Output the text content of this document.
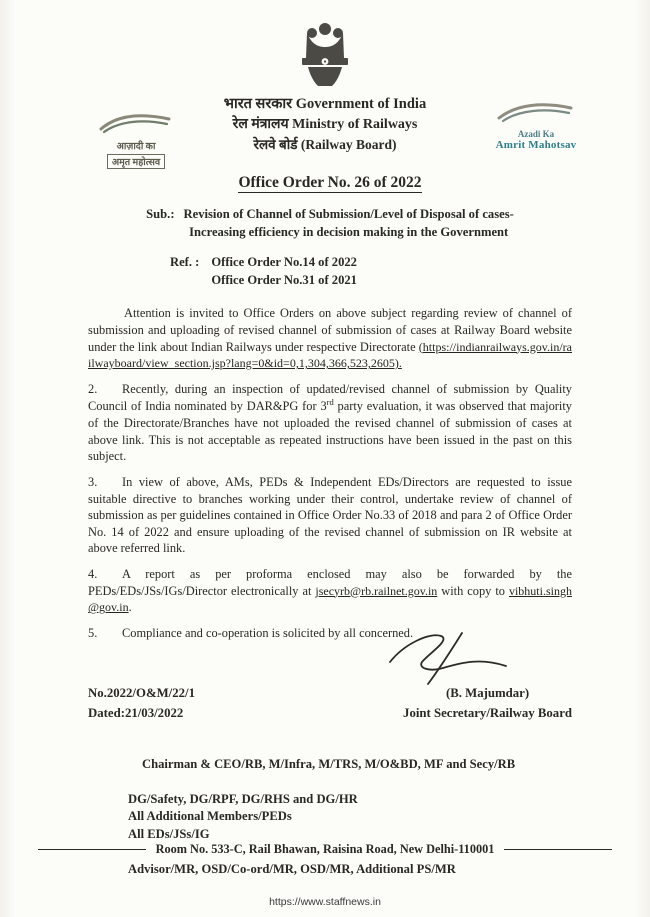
भारत सरकार Government of India
रेल मंत्रालय Ministry of Railways
रेलवे बोर्ड (Railway Board)
आज़ादी का
अमृत महोत्सव
Azadi Ka
Amrit Mahotsav
Office Order No. 26 of 2022
Sub.: Revision of Channel of Submission/Level of Disposal of cases-
Increasing efficiency in decision making in the Government
Ref. : Office Order No.14 of 2022
Office Order No.31 of 2021

Attention is invited to Office Orders on above subject regarding review of channel of submission and uploading of revised channel of submission of cases at Railway Board website under the link about Indian Railways under respective Directorate (https://indianrailways.gov.in/railwayboard/view_section.jsp?lang=0&id=0,1,304,366,523,2605).

2. Recently, during an inspection of updated/revised channel of submission by Quality Council of India nominated by DAR&PG for 3rd party evaluation, it was observed that majority of the Directorate/Branches have not uploaded the revised channel of submission of cases at above link. This is not acceptable as repeated instructions have been issued in the past on this subject.

3. In view of above, AMs, PEDs & Independent EDs/Directors are requested to issue suitable directive to branches working under their control, undertake review of channel of submission as per guidelines contained in Office Order No.33 of 2018 and para 2 of Office Order No. 14 of 2022 and ensure uploading of the revised channel of submission on IR website at above referred link.

4. A report as per proforma enclosed may also be forwarded by the PEDs/EDs/JSs/IGs/Director electronically at jsecyrb@rb.railnet.gov.in with copy to vibhuti.singh@gov.in.

5. Compliance and co-operation is solicited by all concerned.

No.2022/O&M/22/1
Dated:21/03/2022
(B. Majumdar)
Joint Secretary/Railway Board
Chairman & CEO/RB, M/Infra, M/TRS, M/O&BD, MF and Secy/RB
DG/Safety, DG/RPF, DG/RHS and DG/HR
All Additional Members/PEDs
All EDs/JSs/IG
Advisor/MR, OSD/Co-ord/MR, OSD/MR, Additional PS/MR
Room No. 533-C, Rail Bhawan, Raisina Road, New Delhi-110001
https://www.staffnews.in
